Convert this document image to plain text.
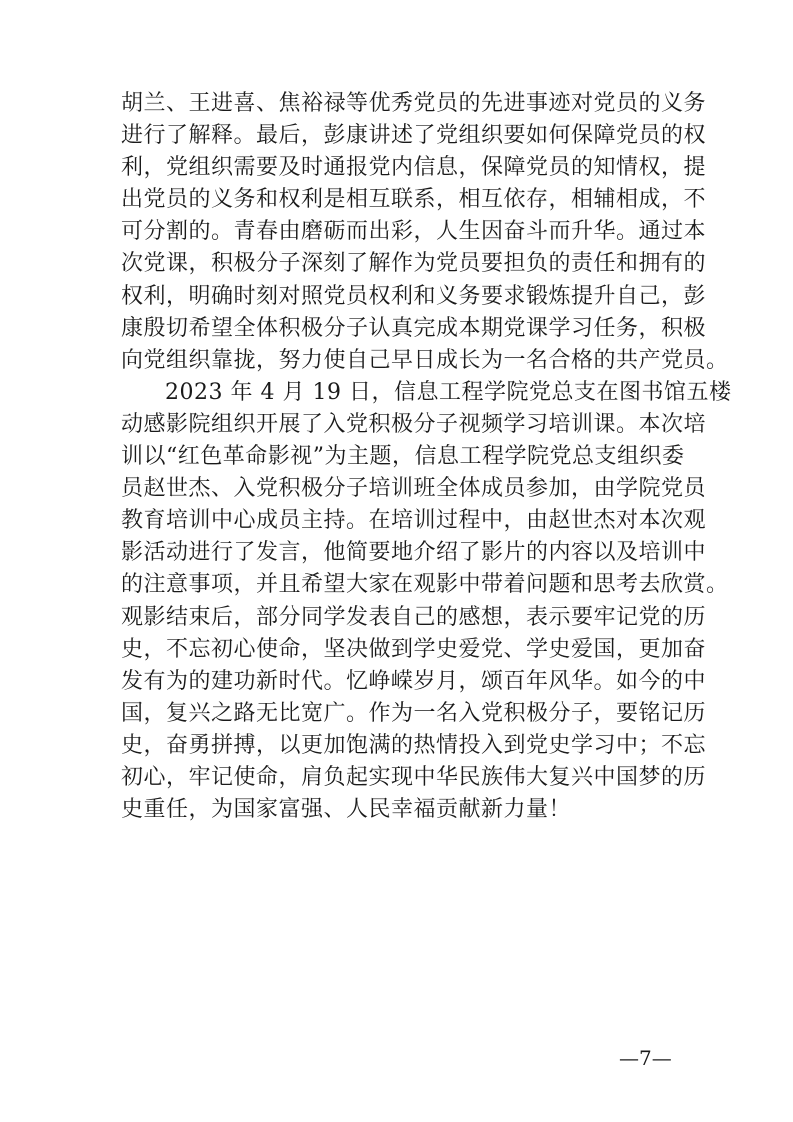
胡兰、王进喜、焦裕禄等优秀党员的先进事迹对党员的义务
进行了解释。最后，彭康讲述了党组织要如何保障党员的权
利，党组织需要及时通报党内信息，保障党员的知情权，提
出党员的义务和权利是相互联系，相互依存，相辅相成，不
可分割的。青春由磨砺而出彩，人生因奋斗而升华。通过本
次党课，积极分子深刻了解作为党员要担负的责任和拥有的
权利，明确时刻对照党员权利和义务要求锻炼提升自己，彭
康殷切希望全体积极分子认真完成本期党课学习任务，积极
向党组织靠拢，努力使自己早日成长为一名合格的共产党员。
2023 年 4 月 19 日，信息工程学院党总支在图书馆五楼
动感影院组织开展了入党积极分子视频学习培训课。本次培
训以“红色革命影视”为主题，信息工程学院党总支组织委
员赵世杰、入党积极分子培训班全体成员参加，由学院党员
教育培训中心成员主持。在培训过程中，由赵世杰对本次观
影活动进行了发言，他简要地介绍了影片的内容以及培训中
的注意事项，并且希望大家在观影中带着问题和思考去欣赏。
观影结束后，部分同学发表自己的感想，表示要牢记党的历
史，不忘初心使命，坚决做到学史爱党、学史爱国，更加奋
发有为的建功新时代。忆峥嵘岁月，颂百年风华。如今的中
国，复兴之路无比宽广。作为一名入党积极分子，要铭记历
史，奋勇拼搏，以更加饱满的热情投入到党史学习中；不忘
初心，牢记使命，肩负起实现中华民族伟大复兴中国梦的历
史重任，为国家富强、人民幸福贡献新力量！
—7—
